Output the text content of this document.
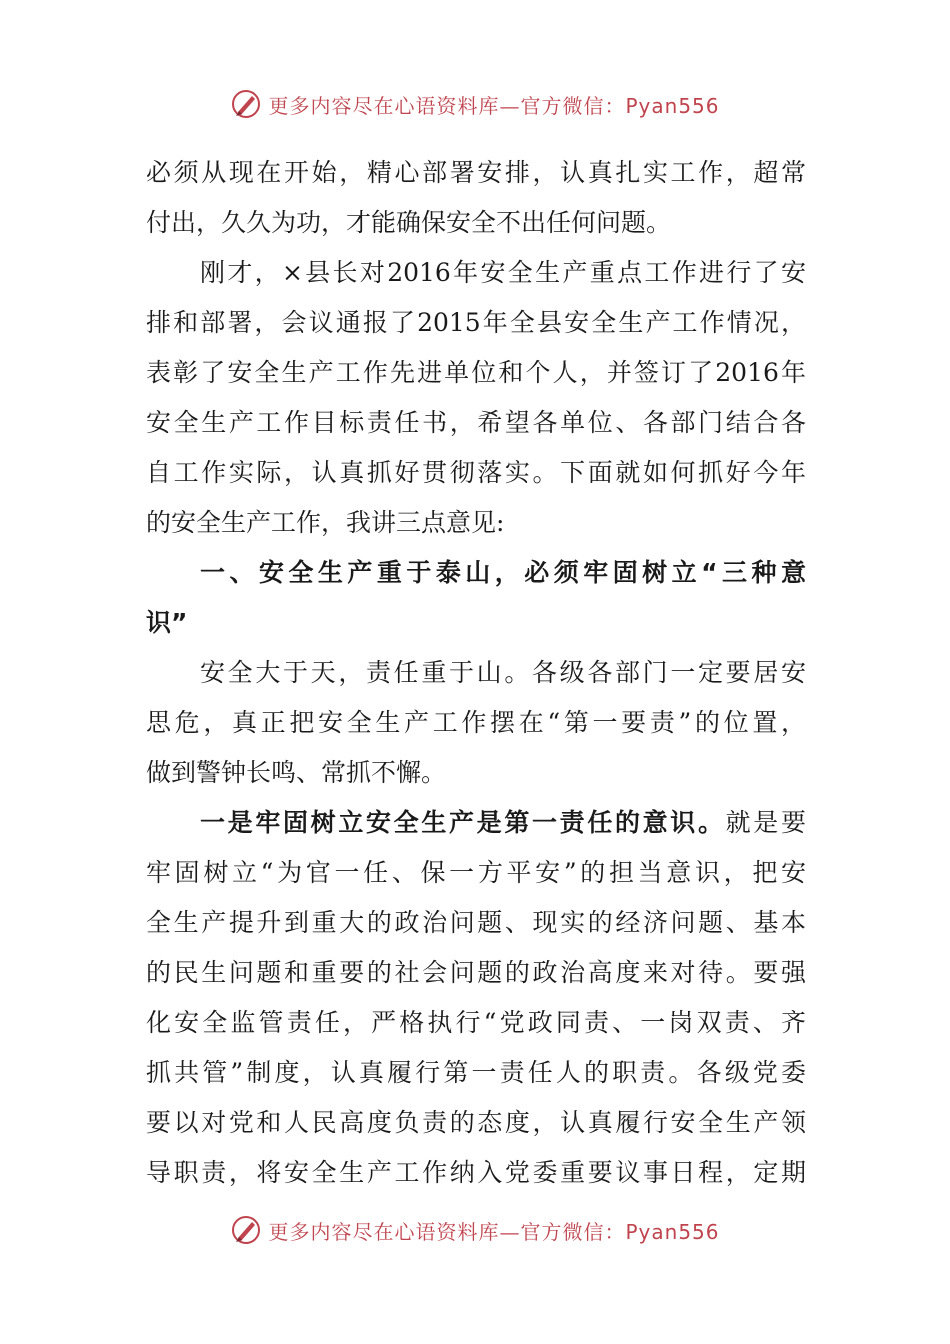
更多内容尽在心语资料库—官方微信：Pyan556
必须从现在开始，精心部署安排，认真扎实工作，超常
付出，久久为功，才能确保安全不出任何问题。
刚才，×县长对2016年安全生产重点工作进行了安
排和部署，会议通报了2015年全县安全生产工作情况，
表彰了安全生产工作先进单位和个人，并签订了2016年
安全生产工作目标责任书，希望各单位、各部门结合各
自工作实际，认真抓好贯彻落实。下面就如何抓好今年
的安全生产工作，我讲三点意见:
一、安全生产重于泰山，必须牢固树立“三种意
识”
安全大于天，责任重于山。各级各部门一定要居安
思危，真正把安全生产工作摆在“第一要责”的位置，
做到警钟长鸣、常抓不懈。
一是牢固树立安全生产是第一责任的意识。就是要
牢固树立“为官一任、保一方平安”的担当意识，把安
全生产提升到重大的政治问题、现实的经济问题、基本
的民生问题和重要的社会问题的政治高度来对待。要强
化安全监管责任，严格执行“党政同责、一岗双责、齐
抓共管”制度，认真履行第一责任人的职责。各级党委
要以对党和人民高度负责的态度，认真履行安全生产领
导职责，将安全生产工作纳入党委重要议事日程，定期
更多内容尽在心语资料库—官方微信：Pyan556
